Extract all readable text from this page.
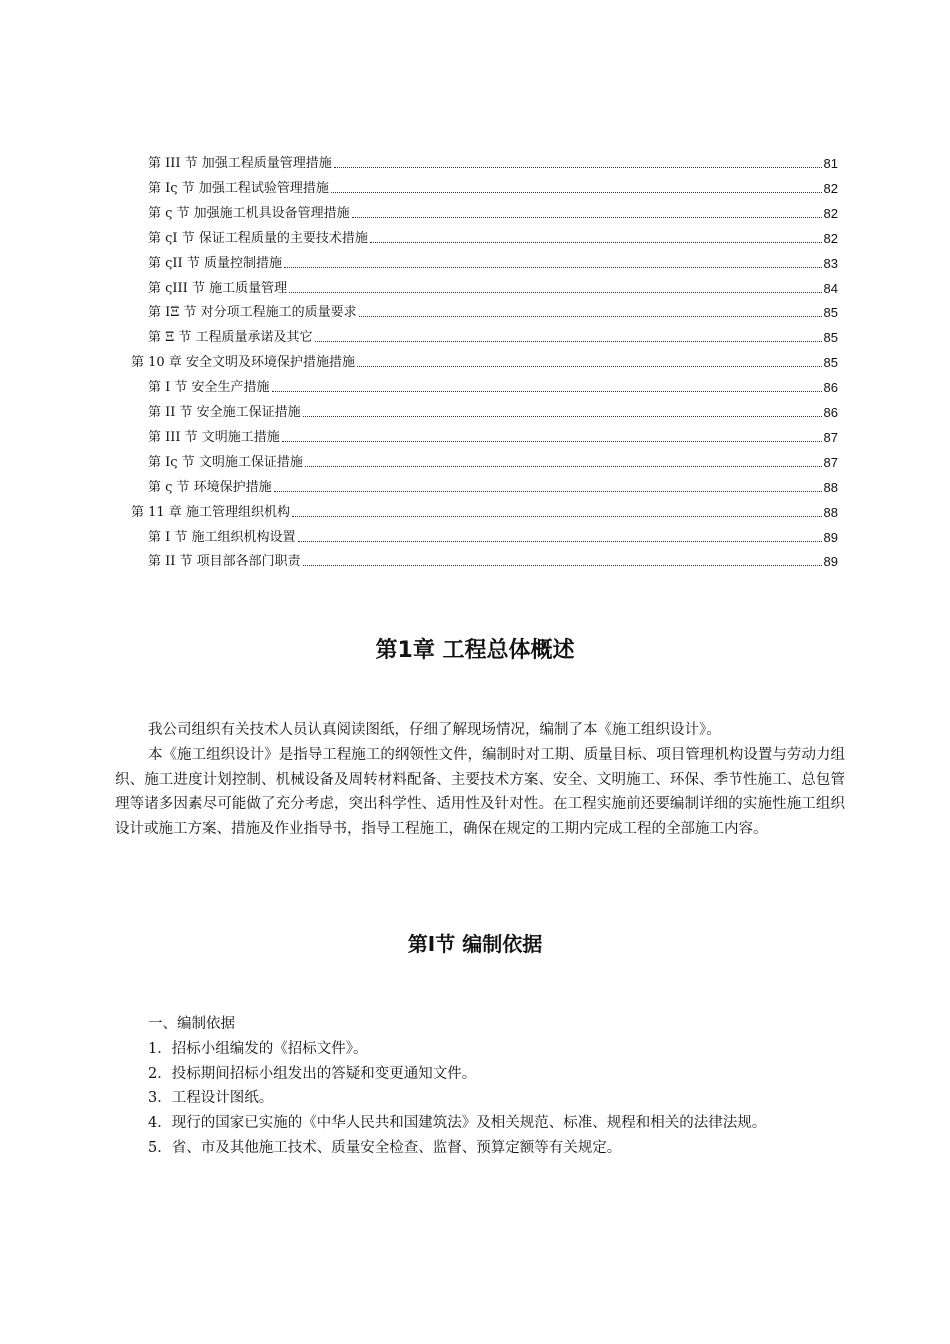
第 III 节 加强工程质量管理措施	81
第 Iς 节 加强工程试验管理措施	82
第 ς 节 加强施工机具设备管理措施	82
第 ςI 节 保证工程质量的主要技术措施	82
第 ςII 节 质量控制措施	83
第 ςIII 节 施工质量管理	84
第 IΞ 节 对分项工程施工的质量要求	85
第 Ξ 节 工程质量承诺及其它	85
第 10 章 安全文明及环境保护措施措施	85
第 I 节 安全生产措施	86
第 II 节 安全施工保证措施	86
第 III 节 文明施工措施	87
第 Iς 节 文明施工保证措施	87
第 ς 节 环境保护措施	88
第 11 章 施工管理组织机构	88
第 I 节 施工组织机构设置	89
第 II 节 项目部各部门职责	89
第1章 工程总体概述

我公司组织有关技术人员认真阅读图纸，仔细了解现场情况，编制了本《施工组织设计》。

本《施工组织设计》是指导工程施工的纲领性文件，编制时对工期、质量目标、项目管理机构设置与劳动力组织、施工进度计划控制、机械设备及周转材料配备、主要技术方案、安全、文明施工、环保、季节性施工、总包管理等诸多因素尽可能做了充分考虑，突出科学性、适用性及针对性。在工程实施前还要编制详细的实施性施工组织设计或施工方案、措施及作业指导书，指导工程施工，确保在规定的工期内完成工程的全部施工内容。

第I节 编制依据

一、编制依据

1．招标小组编发的《招标文件》。

2．投标期间招标小组发出的答疑和变更通知文件。

3．工程设计图纸。

4．现行的国家已实施的《中华人民共和国建筑法》及相关规范、标准、规程和相关的法律法规。

5．省、市及其他施工技术、质量安全检查、监督、预算定额等有关规定。
